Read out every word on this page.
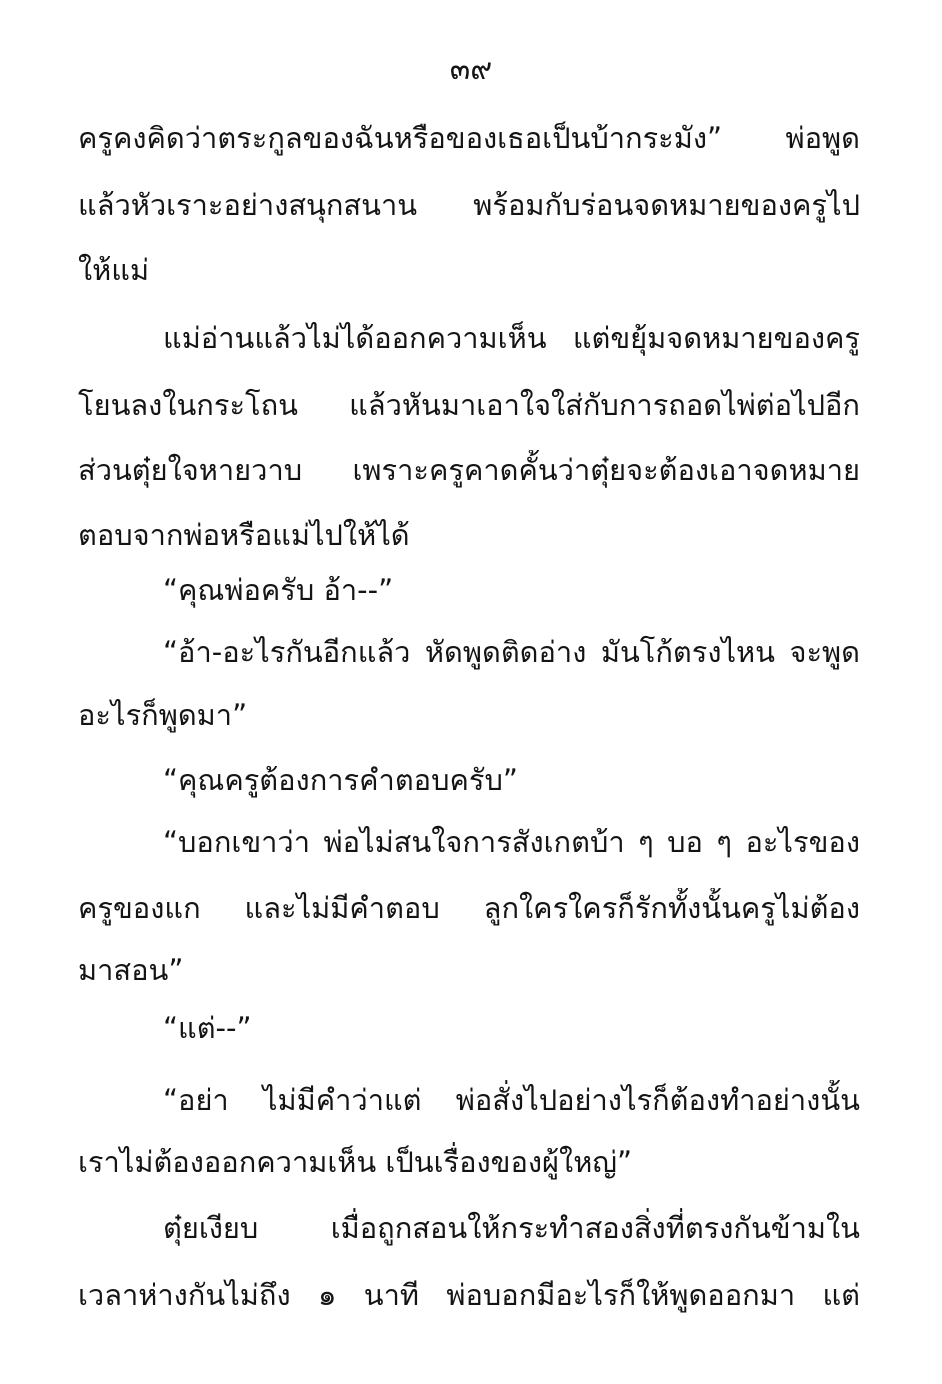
๓๙
ครูคงคิดว่าตระกูลของฉันหรือของเธอเป็นบ้ากระมัง” พ่อพูด
แล้วหัวเราะอย่างสนุกสนาน พร้อมกับร่อนจดหมายของครูไป
ให้แม่
แม่อ่านแล้วไม่ได้ออกความเห็น แต่ขยุ้มจดหมายของครู
โยนลงในกระโถน แล้วหันมาเอาใจใส่กับการถอดไพ่ต่อไปอีก
ส่วนตุ๋ยใจหายวาบ เพราะครูคาดคั้นว่าตุ๋ยจะต้องเอาจดหมาย
ตอบจากพ่อหรือแม่ไปให้ได้
“คุณพ่อครับ อ้า--”
“อ้า-อะไรกันอีกแล้ว หัดพูดติดอ่าง มันโก้ตรงไหน จะพูด
อะไรก็พูดมา”
“คุณครูต้องการคำตอบครับ”
“บอกเขาว่า พ่อไม่สนใจการสังเกตบ้า ๆ บอ ๆ อะไรของ
ครูของแก และไม่มีคำตอบ ลูกใครใครก็รักทั้งนั้นครูไม่ต้อง
มาสอน”
“แต่--”
“อย่า ไม่มีคำว่าแต่ พ่อสั่งไปอย่างไรก็ต้องทำอย่างนั้น
เราไม่ต้องออกความเห็น เป็นเรื่องของผู้ใหญ่”
ตุ๋ยเงียบ เมื่อถูกสอนให้กระทำสองสิ่งที่ตรงกันข้ามใน
เวลาห่างกันไม่ถึง ๑ นาที พ่อบอกมีอะไรก็ให้พูดออกมา แต่
